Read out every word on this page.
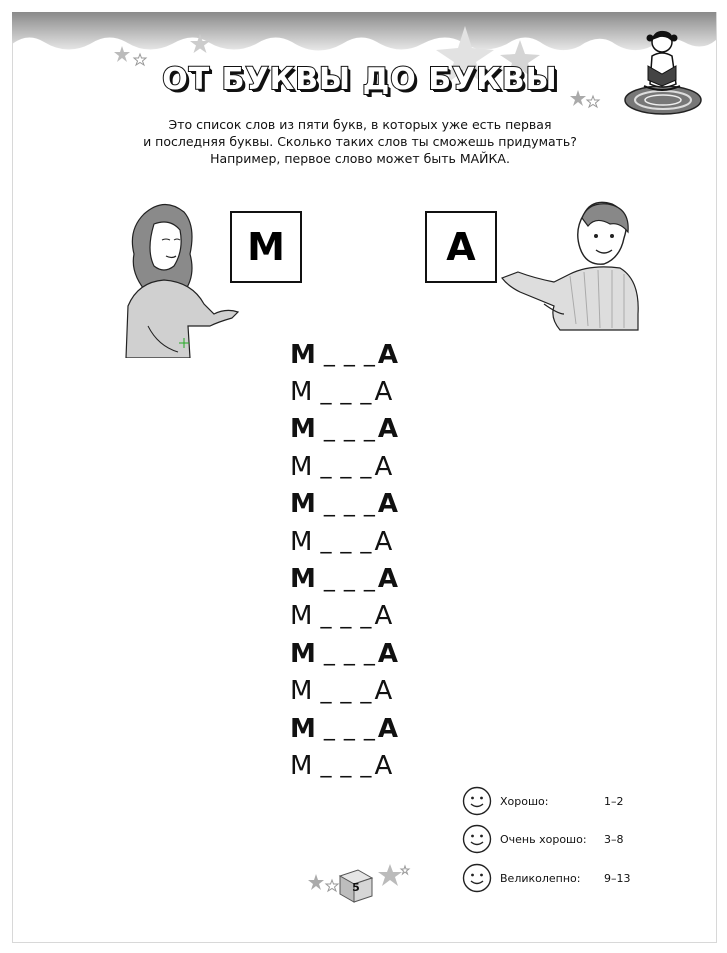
ОТ БУКВЫ ДО БУКВЫ
Это список слов из пяти букв, в которых уже есть первая
и последняя буквы. Сколько таких слов ты сможешь придумать?
Например, первое слово может быть МАЙКА.
М	А
М _ _ _ А
М _ _ _ А
М _ _ _ А
М _ _ _ А
М _ _ _ А
М _ _ _ А
М _ _ _ А
М _ _ _ А
М _ _ _ А
М _ _ _ А
М _ _ _ А
М _ _ _ А
Хорошо:	1–2
Очень хорошо:	3–8
Великолепно:	9–13
5
